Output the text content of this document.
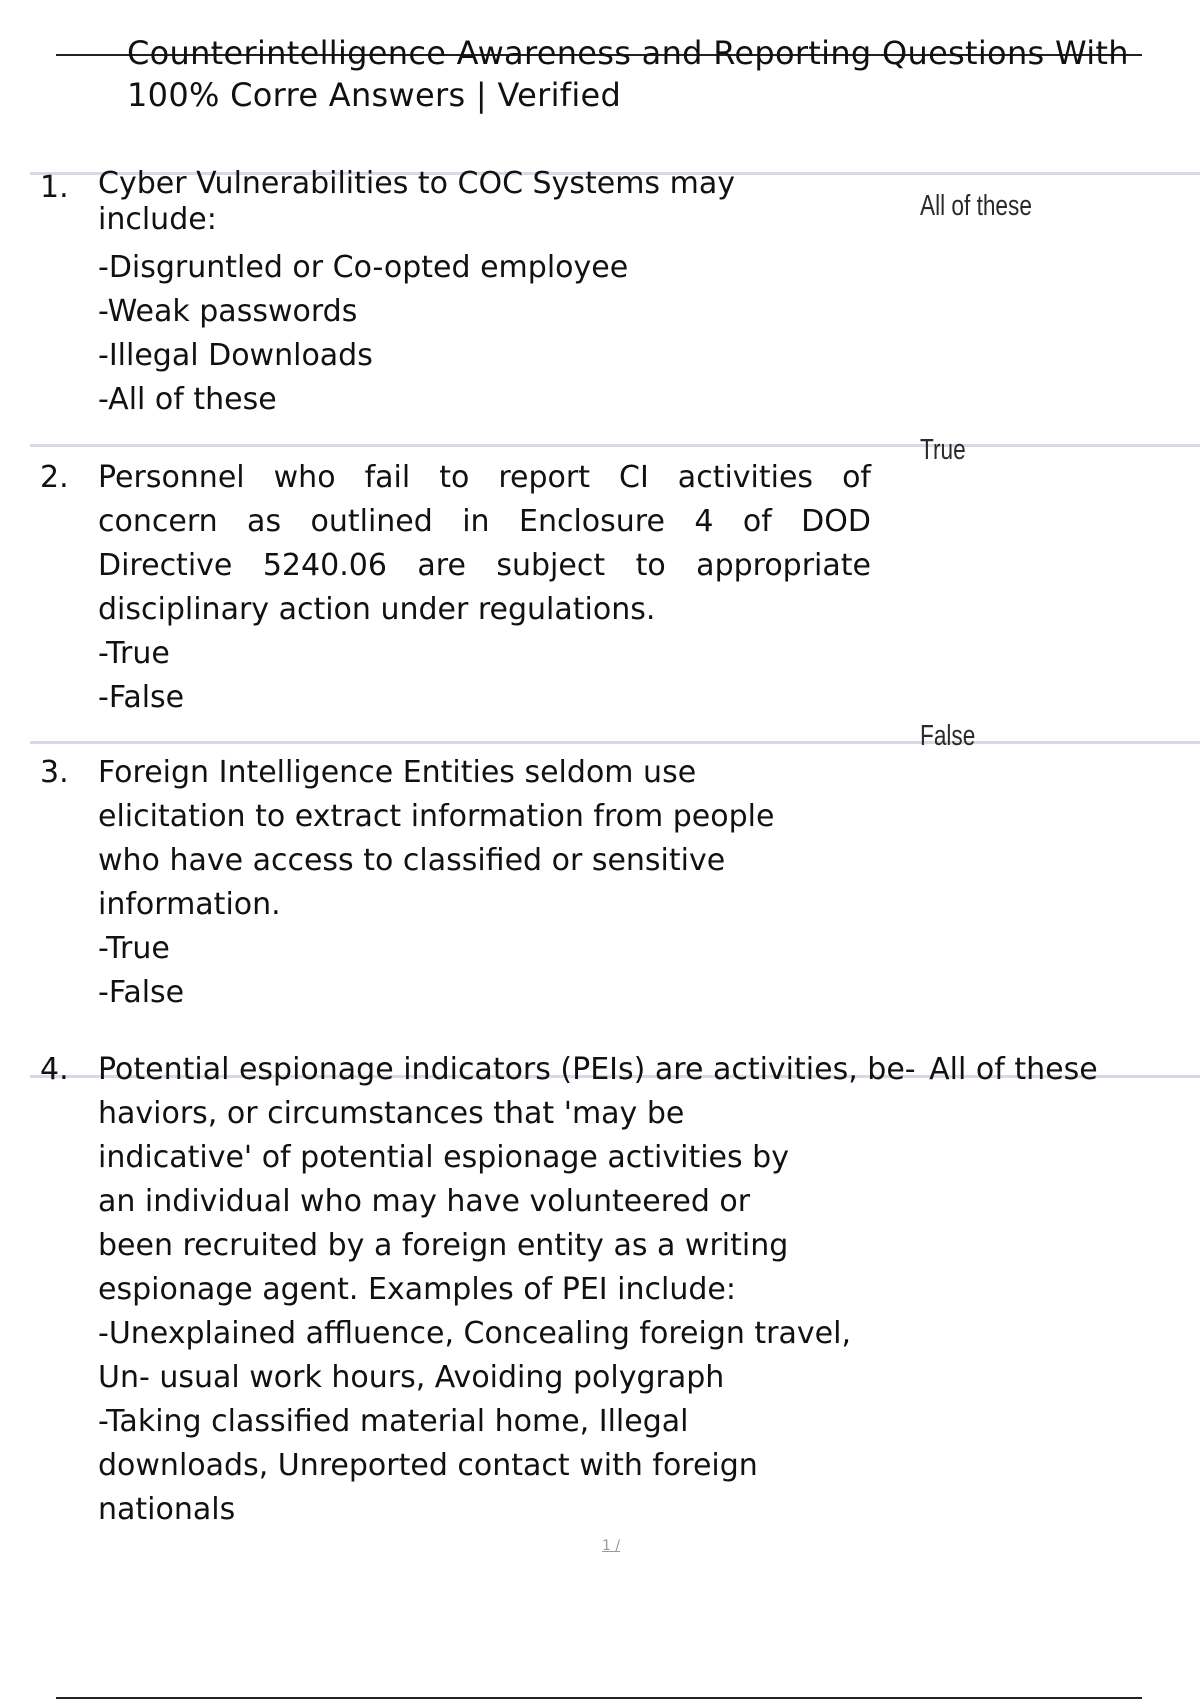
Counterintelligence Awareness and Reporting Questions With
100% Corre Answers | Verified
1. Cyber Vulnerabilities to COC Systems may
include:
-Disgruntled or Co-opted employee
-Weak passwords
-Illegal Downloads
-All of these
All of these
True
2. Personnel who fail to report CI activities of
concern as outlined in Enclosure 4 of DOD
Directive 5240.06 are subject to appropriate
disciplinary action under regulations.
-True
-False
False
3. Foreign Intelligence Entities seldom use
elicitation to extract information from people
who have access to classified or sensitive
information.
-True
-False
4. Potential espionage indicators (PEIs) are activities, be- All of these
haviors, or circumstances that 'may be
indicative' of potential espionage activities by
an individual who may have volunteered or
been recruited by a foreign entity as a writing
espionage agent. Examples of PEI include:
-Unexplained affluence, Concealing foreign travel,
Un- usual work hours, Avoiding polygraph
-Taking classified material home, Illegal
downloads, Unreported contact with foreign
nationals
1 /
